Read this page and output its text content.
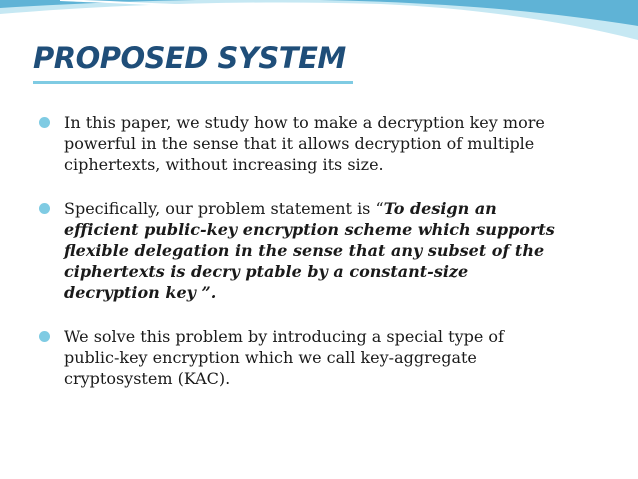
PROPOSED SYSTEM
In this paper, we study how to make a decryption key more powerful in the sense that it allows decryption of multiple ciphertexts, without increasing its size.
Specifically, our problem statement is “To design an efficient public-key encryption scheme which supports flexible delegation in the sense that any subset of the ciphertexts is decry ptable by a constant-size decryption key ”.
We solve this problem by introducing a special type of public-key encryption which we call key-aggregate cryptosystem (KAC).
